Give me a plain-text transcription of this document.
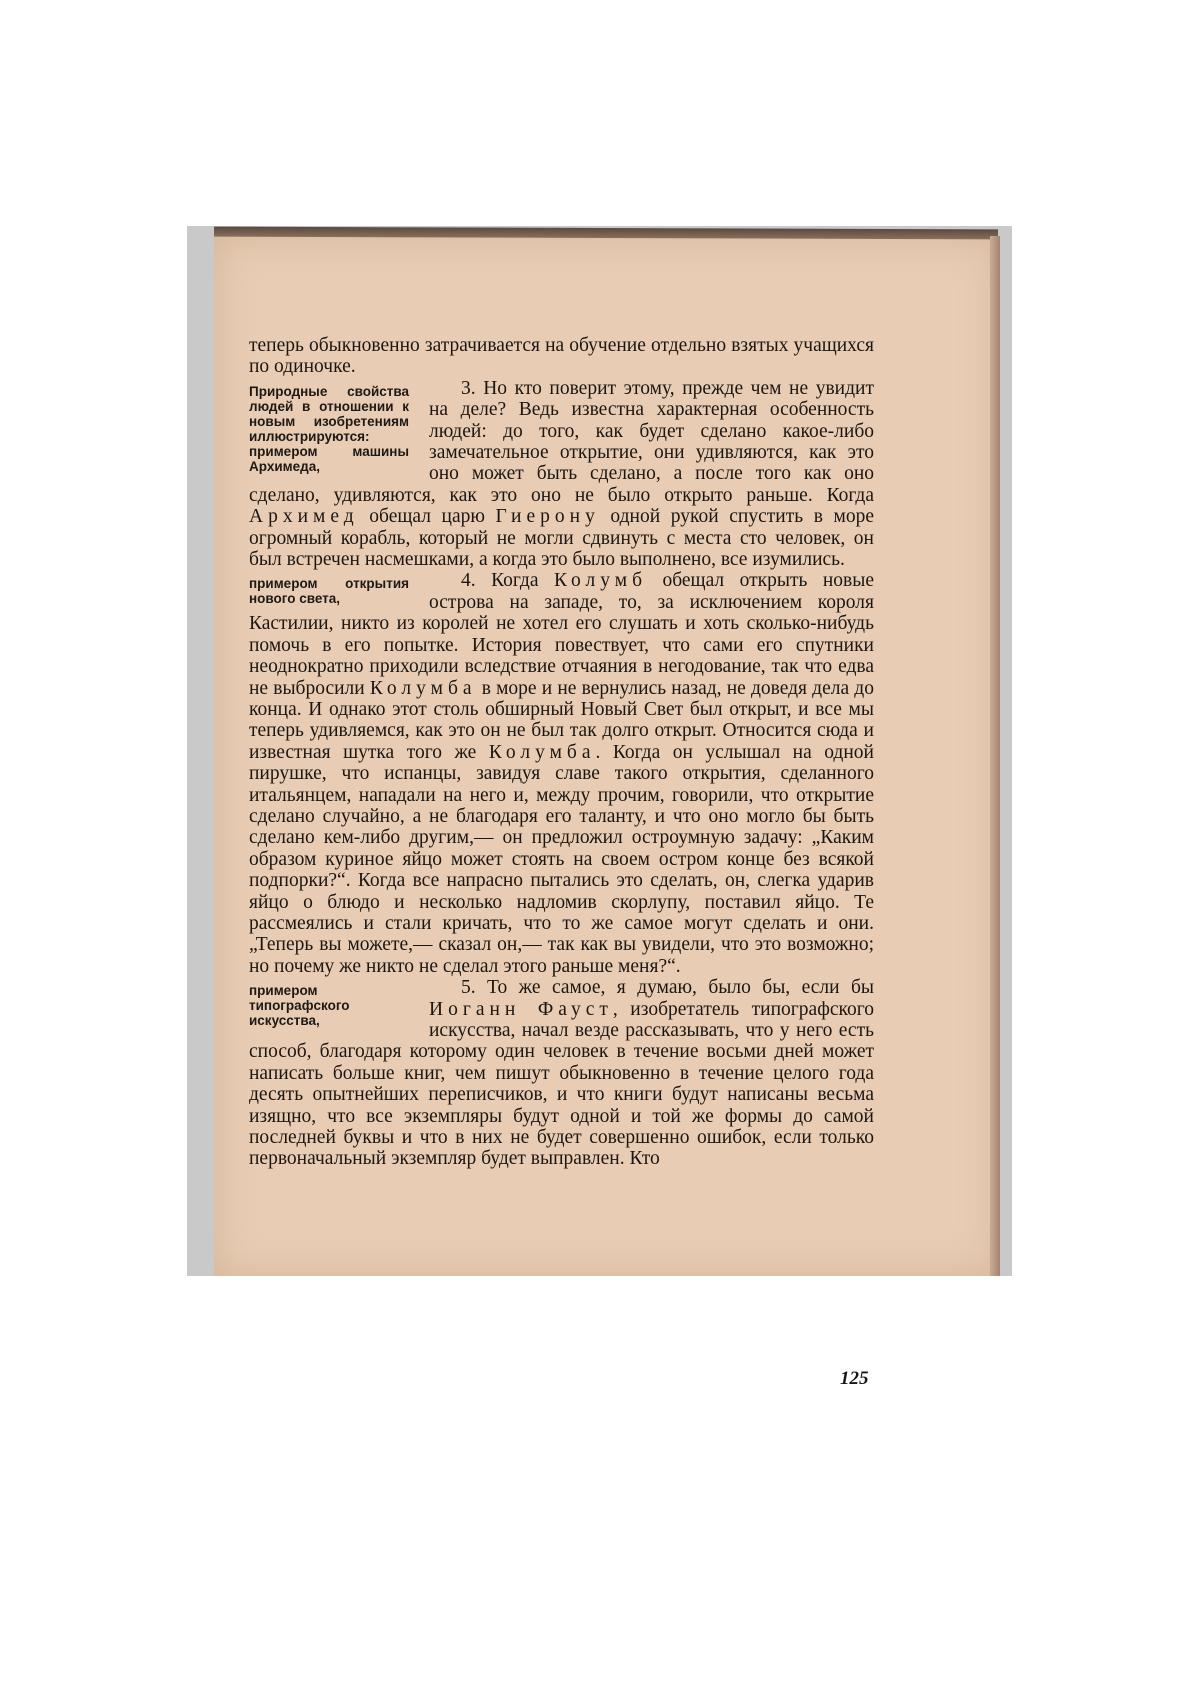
теперь обыкновенно затрачивается на обучение отдельно взятых учащихся по одиночке.

Природные свойства людей в отношении к новым изобретениям иллюстрируются: примером машины Архимеда,

3. Но кто поверит этому, прежде чем не увидит на деле? Ведь известна характерная особенность людей: до того, как будет сделано какое-либо замечательное открытие, они удивляются, как это оно может быть сделано, а после того как оно сделано, удивляются, как это оно не было открыто раньше. Когда Архимед обещал царю Гиерону одной рукой спустить в море огромный корабль, который не могли сдвинуть с места сто человек, он был встречен насмешками, а когда это было выполнено, все изумились.

примером открытия нового света,

4. Когда Колумб обещал открыть новые острова на западе, то, за исключением короля Кастилии, никто из королей не хотел его слушать и хоть сколько-нибудь помочь в его попытке. История повествует, что сами его спутники неоднократно приходили вследствие отчаяния в негодование, так что едва не выбросили Колумба в море и не вернулись назад, не доведя дела до конца. И однако этот столь обширный Новый Свет был открыт, и все мы теперь удивляемся, как это он не был так долго открыт. Относится сюда и известная шутка того же Колумба. Когда он услышал на одной пирушке, что испанцы, завидуя славе такого открытия, сделанного итальянцем, нападали на него и, между прочим, говорили, что открытие сделано случайно, а не благодаря его таланту, и что оно могло бы быть сделано кем-либо другим,— он предложил остроумную задачу: „Каким образом куриное яйцо может стоять на своем остром конце без всякой подпорки?“. Когда все напрасно пытались это сделать, он, слегка ударив яйцо о блюдо и несколько надломив скорлупу, поставил яйцо. Те рассмеялись и стали кричать, что то же самое могут сделать и они. „Теперь вы можете,— сказал он,— так как вы увидели, что это возможно; но почему же никто не сделал этого раньше меня?“.

примером типографского искусства,

5. То же самое, я думаю, было бы, если бы Иоганн Фауст, изобретатель типографского искусства, начал везде рассказывать, что у него есть способ, благодаря которому один человек в течение восьми дней может написать больше книг, чем пишут обыкновенно в течение целого года десять опытнейших переписчиков, и что книги будут написаны весьма изящно, что все экземпляры будут одной и той же формы до самой последней буквы и что в них не будет совершенно ошибок, если только первоначальный экземпляр будет выправлен. Кто

125
